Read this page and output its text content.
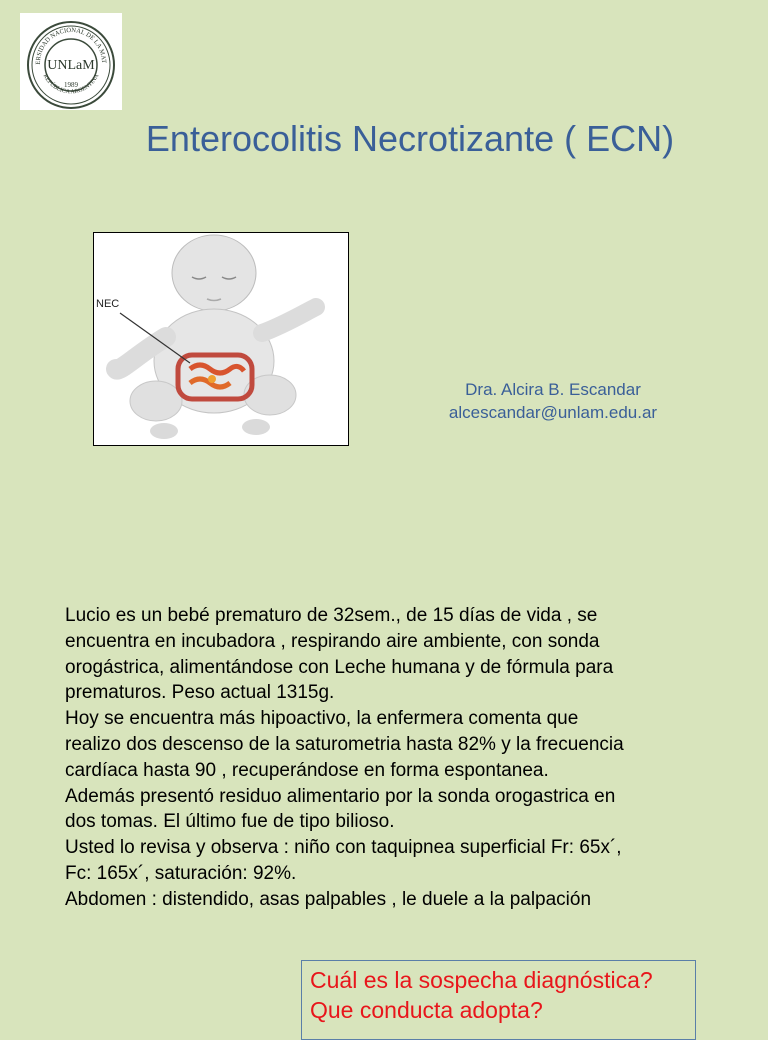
ERSIDAD NACIONAL DE LA MAT
REPÚBLICA ARGENTINA
UNLaM
1989
Enterocolitis Necrotizante ( ECN)
NEC
Dra. Alcira B. Escandar
alcescandar@unlam.edu.ar
Lucio es un bebé prematuro de 32sem., de 15 días de vida , se
encuentra en incubadora , respirando aire ambiente, con sonda
orogástrica, alimentándose con Leche humana y de fórmula para
prematuros. Peso actual 1315g.
Hoy se encuentra más hipoactivo, la enfermera comenta que
realizo dos descenso de la saturometria hasta 82% y la frecuencia
cardíaca hasta 90 , recuperándose en forma espontanea.
Además presentó residuo alimentario por la sonda orogastrica en
dos tomas. El último fue de tipo bilioso.
Usted lo revisa y observa : niño con taquipnea superficial Fr: 65x´,
Fc: 165x´, saturación: 92%.
Abdomen : distendido, asas palpables , le duele a la palpación
Cuál es la sospecha diagnóstica?
Que conducta adopta?
